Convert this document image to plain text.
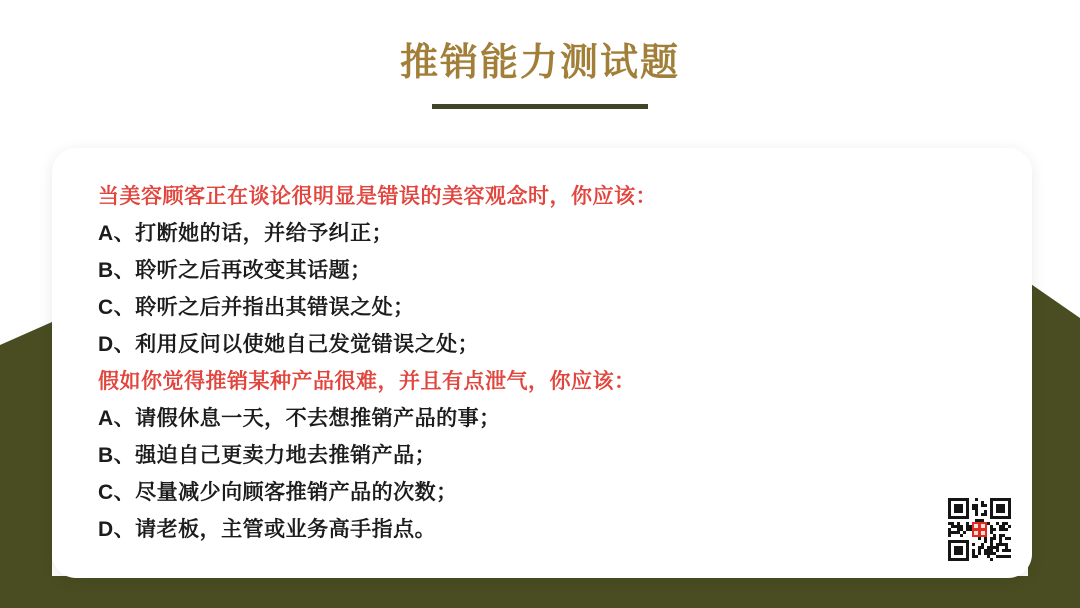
推销能力测试题

当美容顾客正在谈论很明显是错误的美容观念时，你应该：

A、打断她的话，并给予纠正；

B、聆听之后再改变其话题；

C、聆听之后并指出其错误之处；

D、利用反问以使她自己发觉错误之处；

假如你觉得推销某种产品很难，并且有点泄气，你应该：

A、请假休息一天，不去想推销产品的事；

B、强迫自己更卖力地去推销产品；

C、尽量减少向顾客推销产品的次数；

D、请老板，主管或业务高手指点。
